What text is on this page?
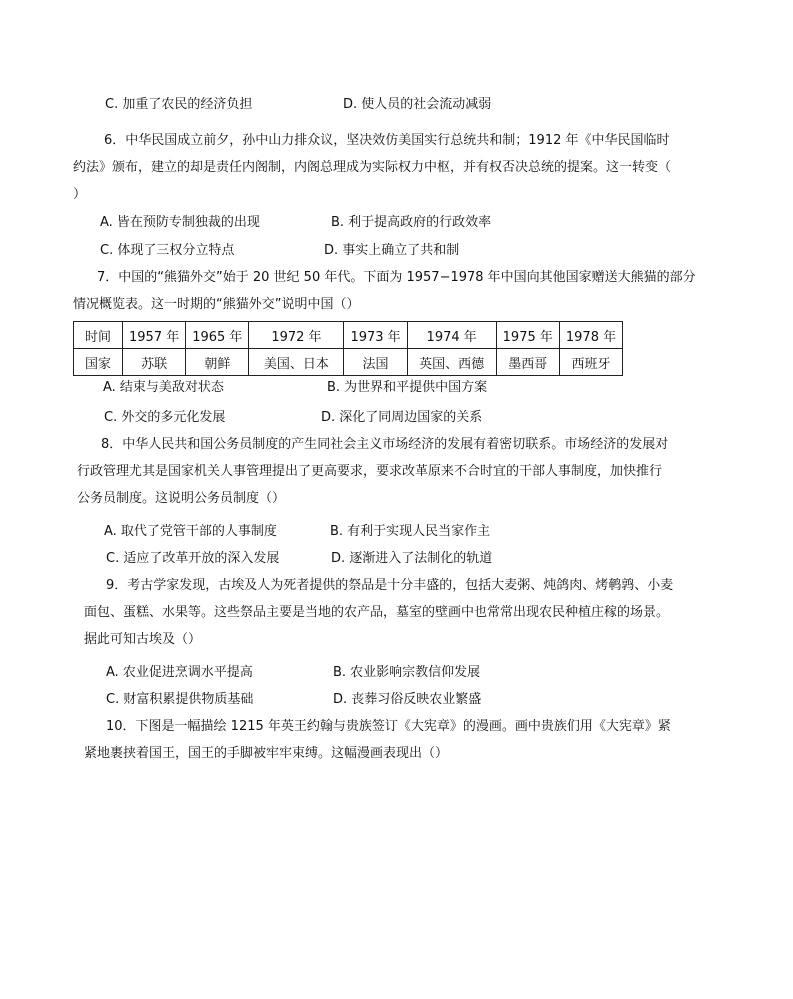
C. 加重了农民的经济负担	D. 使人员的社会流动减弱
6．中华民国成立前夕，孙中山力排众议，坚决效仿美国实行总统共和制；1912 年《中华民国临时
约法》颁布，建立的却是责任内阁制，内阁总理成为实际权力中枢，并有权否决总统的提案。这一转变（
）
A. 皆在预防专制独裁的出现	B. 利于提高政府的行政效率
C. 体现了三权分立特点	D. 事实上确立了共和制
7．中国的“熊猫外交”始于 20 世纪 50 年代。下面为 1957−1978 年中国向其他国家赠送大熊猫的部分
情况概览表。这一时期的“熊猫外交”说明中国（）
时间	1957 年	1965 年	1972 年	1973 年	1974 年	1975 年	1978 年
国家	苏联	朝鲜	美国、日本	法国	英国、西德	墨西哥	西班牙
A. 结束与美敌对状态	B. 为世界和平提供中国方案
C. 外交的多元化发展	D. 深化了同周边国家的关系
8．中华人民共和国公务员制度的产生同社会主义市场经济的发展有着密切联系。市场经济的发展对
行政管理尤其是国家机关人事管理提出了更高要求，要求改革原来不合时宜的干部人事制度，加快推行
公务员制度。这说明公务员制度（）
A. 取代了党管干部的人事制度	B. 有利于实现人民当家作主
C. 适应了改革开放的深入发展	D. 逐渐进入了法制化的轨道
9．考古学家发现，古埃及人为死者提供的祭品是十分丰盛的，包括大麦粥、炖鸽肉、烤鹌鹑、小麦
面包、蛋糕、水果等。这些祭品主要是当地的农产品，墓室的壁画中也常常出现农民种植庄稼的场景。
据此可知古埃及（）
A. 农业促进烹调水平提高	B. 农业影响宗教信仰发展
C. 财富积累提供物质基础	D. 丧葬习俗反映农业繁盛
10．下图是一幅描绘 1215 年英王约翰与贵族签订《大宪章》的漫画。画中贵族们用《大宪章》紧
紧地裹挟着国王，国王的手脚被牢牢束缚。这幅漫画表现出（）
